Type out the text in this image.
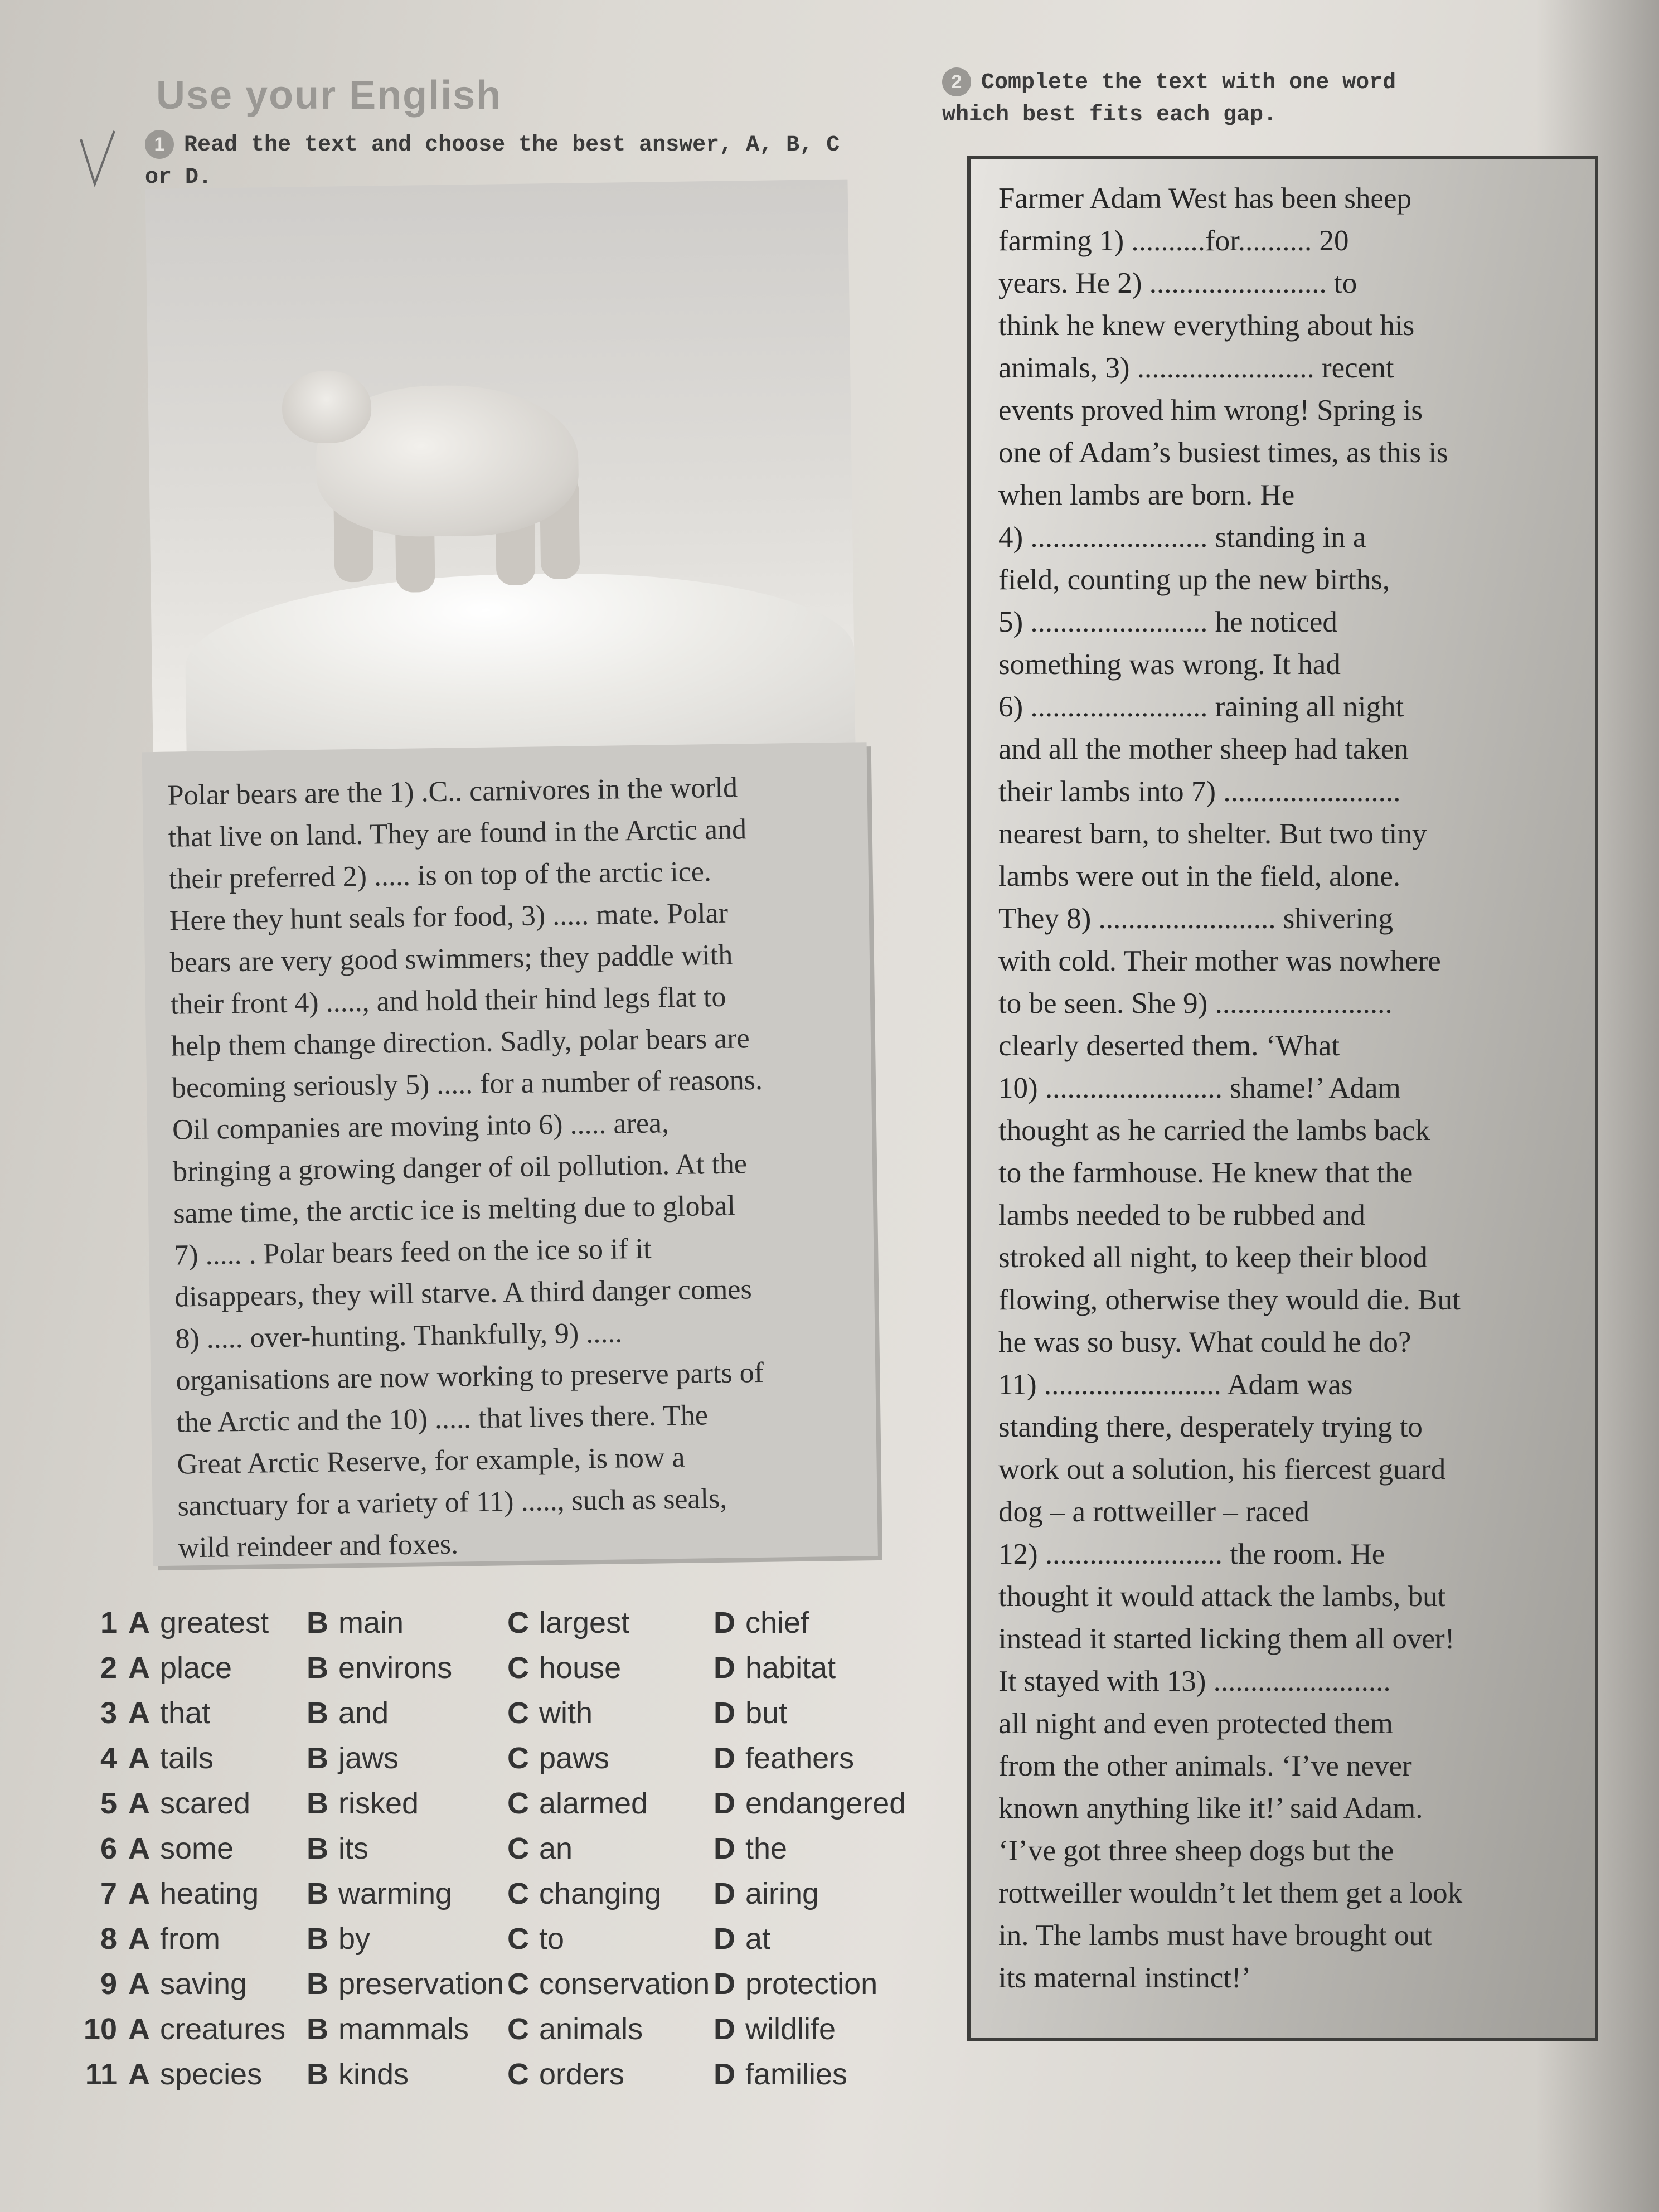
Use your English
1 Read the text and choose the best answer, A, B, C or D.
2 Complete the text with one word which best fits each gap.
Polar bears are the 1) .C.. carnivores in the world
that live on land. They are found in the Arctic and
their preferred 2) ..... is on top of the arctic ice.
Here they hunt seals for food, 3) ..... mate. Polar
bears are very good swimmers; they paddle with
their front 4) ....., and hold their hind legs flat to
help them change direction. Sadly, polar bears are
becoming seriously 5) ..... for a number of reasons.
Oil companies are moving into 6) ..... area,
bringing a growing danger of oil pollution. At the
same time, the arctic ice is melting due to global
7) ..... . Polar bears feed on the ice so if it
disappears, they will starve. A third danger comes
8) ..... over-hunting. Thankfully, 9) .....
organisations are now working to preserve parts of
the Arctic and the 10) ..... that lives there. The
Great Arctic Reserve, for example, is now a
sanctuary for a variety of 11) ....., such as seals,
wild reindeer and foxes.
1 A greatest B main	C largest	D chief
2 A place B environs C house	D habitat
3 A that	B and	C with	D but
4 A tails	B jaws	C paws	D feathers
5 A scared B risked	C alarmed D endangered
6 A some B its	C an	D the
7 A heating B warming C changing D airing
8 A from	B by	C to	D at
9 A saving B preservation C conservation D protection
10 A creatures B mammals C animals D wildlife
11 A species B kinds	C orders	D families
Farmer Adam West has been sheep
farming 1) ..........for.......... 20
years. He 2) ........................ to
think he knew everything about his
animals, 3) ........................ recent
events proved him wrong! Spring is
one of Adam’s busiest times, as this is
when lambs are born. He
4) ........................ standing in a
field, counting up the new births,
5) ........................ he noticed
something was wrong. It had
6) ........................ raining all night
and all the mother sheep had taken
their lambs into 7) ........................
nearest barn, to shelter. But two tiny
lambs were out in the field, alone.
They 8) ........................ shivering
with cold. Their mother was nowhere
to be seen. She 9) ........................
clearly deserted them. ‘What
10) ........................ shame!’ Adam
thought as he carried the lambs back
to the farmhouse. He knew that the
lambs needed to be rubbed and
stroked all night, to keep their blood
flowing, otherwise they would die. But
he was so busy. What could he do?
11) ........................ Adam was
standing there, desperately trying to
work out a solution, his fiercest guard
dog – a rottweiller – raced
12) ........................ the room. He
thought it would attack the lambs, but
instead it started licking them all over!
It stayed with 13) ........................
all night and even protected them
from the other animals. ‘I’ve never
known anything like it!’ said Adam.
‘I’ve got three sheep dogs but the
rottweiller wouldn’t let them get a look
in. The lambs must have brought out
its maternal instinct!’
